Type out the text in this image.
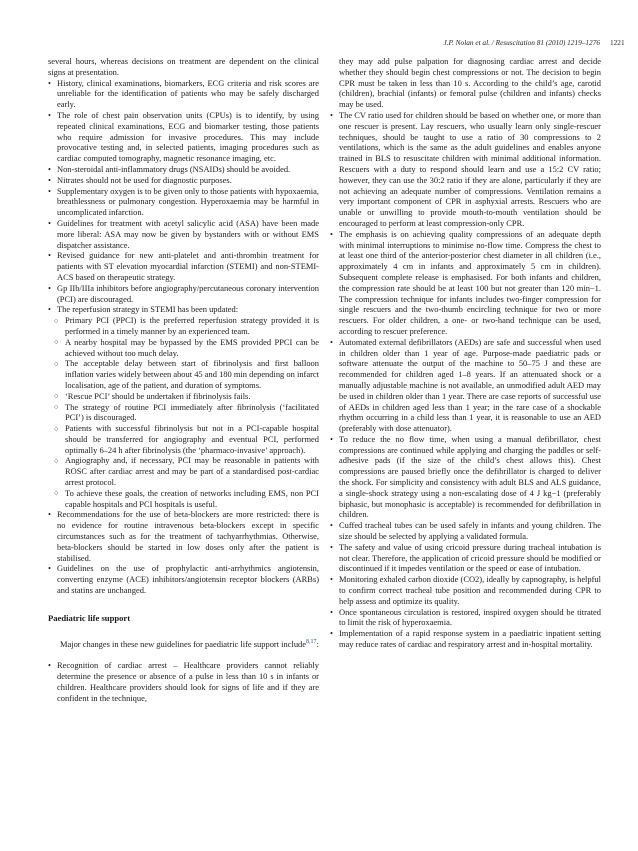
J.P. Nolan et al. / Resuscitation 81 (2010) 1219–1276 1221

several hours, whereas decisions on treatment are dependent on the clinical signs at presentation.

• History, clinical examinations, biomarkers, ECG criteria and risk scores are unreliable for the identification of patients who may be safely discharged early.
• The role of chest pain observation units (CPUs) is to identify, by using repeated clinical examinations, ECG and biomarker testing, those patients who require admission for invasive procedures. This may include provocative testing and, in selected patients, imaging procedures such as cardiac computed tomography, magnetic resonance imaging, etc.
• Non-steroidal anti-inflammatory drugs (NSAIDs) should be avoided.
• Nitrates should not be used for diagnostic purposes.
• Supplementary oxygen is to be given only to those patients with hypoxaemia, breathlessness or pulmonary congestion. Hyperoxaemia may be harmful in uncomplicated infarction.
• Guidelines for treatment with acetyl salicylic acid (ASA) have been made more liberal: ASA may now be given by bystanders with or without EMS dispatcher assistance.
• Revised guidance for new anti-platelet and anti-thrombin treatment for patients with ST elevation myocardial infarction (STEMI) and non-STEMI-ACS based on therapeutic strategy.
• Gp IIb/IIIa inhibitors before angiography/percutaneous coronary intervention (PCI) are discouraged.
• The reperfusion strategy in STEMI has been updated:
○ Primary PCI (PPCI) is the preferred reperfusion strategy provided it is performed in a timely manner by an experienced team.
○ A nearby hospital may be bypassed by the EMS provided PPCI can be achieved without too much delay.
○ The acceptable delay between start of fibrinolysis and first balloon inflation varies widely between about 45 and 180 min depending on infarct localisation, age of the patient, and duration of symptoms.
○ ‘Rescue PCI’ should be undertaken if fibrinolysis fails.
○ The strategy of routine PCI immediately after fibrinolysis (‘facilitated PCI’) is discouraged.
○ Patients with successful fibrinolysis but not in a PCI-capable hospital should be transferred for angiography and eventual PCI, performed optimally 6–24 h after fibrinolysis (the ‘pharmaco-invasive’ approach).
○ Angiography and, if necessary, PCI may be reasonable in patients with ROSC after cardiac arrest and may be part of a standardised post-cardiac arrest protocol.
○ To achieve these goals, the creation of networks including EMS, non PCI capable hospitals and PCI hospitals is useful.
• Recommendations for the use of beta-blockers are more restricted: there is no evidence for routine intravenous beta-blockers except in specific circumstances such as for the treatment of tachyarrhythmias. Otherwise, beta-blockers should be started in low doses only after the patient is stabilised.
• Guidelines on the use of prophylactic anti-arrhythmics angiotensin, converting enzyme (ACE) inhibitors/angiotensin receptor blockers (ARBs) and statins are unchanged.
Paediatric life support

Major changes in these new guidelines for paediatric life support include$^{8,17}$:

• Recognition of cardiac arrest – Healthcare providers cannot reliably determine the presence or absence of a pulse in less than 10 s in infants or children. Healthcare providers should look for signs of life and if they are confident in the technique,

they may add pulse palpation for diagnosing cardiac arrest and decide whether they should begin chest compressions or not. The decision to begin CPR must be taken in less than 10 s. According to the child’s age, carotid (children), brachial (infants) or femoral pulse (children and infants) checks may be used.

• The CV ratio used for children should be based on whether one, or more than one rescuer is present. Lay rescuers, who usually learn only single-rescuer techniques, should be taught to use a ratio of 30 compressions to 2 ventilations, which is the same as the adult guidelines and enables anyone trained in BLS to resuscitate children with minimal additional information. Rescuers with a duty to respond should learn and use a 15:2 CV ratio; however, they can use the 30:2 ratio if they are alone, particularly if they are not achieving an adequate number of compressions. Ventilation remains a very important component of CPR in asphyxial arrests. Rescuers who are unable or unwilling to provide mouth-to-mouth ventilation should be encouraged to perform at least compression-only CPR.
• The emphasis is on achieving quality compressions of an adequate depth with minimal interruptions to minimise no-flow time. Compress the chest to at least one third of the anterior-posterior chest diameter in all children (i.e., approximately 4 cm in infants and approximately 5 cm in children). Subsequent complete release is emphasised. For both infants and children, the compression rate should be at least 100 but not greater than 120 min−1. The compression technique for infants includes two-finger compression for single rescuers and the two-thumb encircling technique for two or more rescuers. For older children, a one- or two-hand technique can be used, according to rescuer preference.
• Automated external defibrillators (AEDs) are safe and successful when used in children older than 1 year of age. Purpose-made paediatric pads or software attenuate the output of the machine to 50–75 J and these are recommended for children aged 1–8 years. If an attenuated shock or a manually adjustable machine is not available, an unmodified adult AED may be used in children older than 1 year. There are case reports of successful use of AEDs in children aged less than 1 year; in the rare case of a shockable rhythm occurring in a child less than 1 year, it is reasonable to use an AED (preferably with dose attenuator).
• To reduce the no flow time, when using a manual defibrillator, chest compressions are continued while applying and charging the paddles or self-adhesive pads (if the size of the child’s chest allows this). Chest compressions are paused briefly once the defibrillator is charged to deliver the shock. For simplicity and consistency with adult BLS and ALS guidance, a single-shock strategy using a non-escalating dose of 4 J kg−1 (preferably biphasic, but monophasic is acceptable) is recommended for defibrillation in children.
• Cuffed tracheal tubes can be used safely in infants and young children. The size should be selected by applying a validated formula.
• The safety and value of using cricoid pressure during tracheal intubation is not clear. Therefore, the application of cricoid pressure should be modified or discontinued if it impedes ventilation or the speed or ease of intubation.
• Monitoring exhaled carbon dioxide (CO2), ideally by capnography, is helpful to confirm correct tracheal tube position and recommended during CPR to help assess and optimize its quality.
• Once spontaneous circulation is restored, inspired oxygen should be titrated to limit the risk of hyperoxaemia.
• Implementation of a rapid response system in a paediatric inpatient setting may reduce rates of cardiac and respiratory arrest and in-hospital mortality.
